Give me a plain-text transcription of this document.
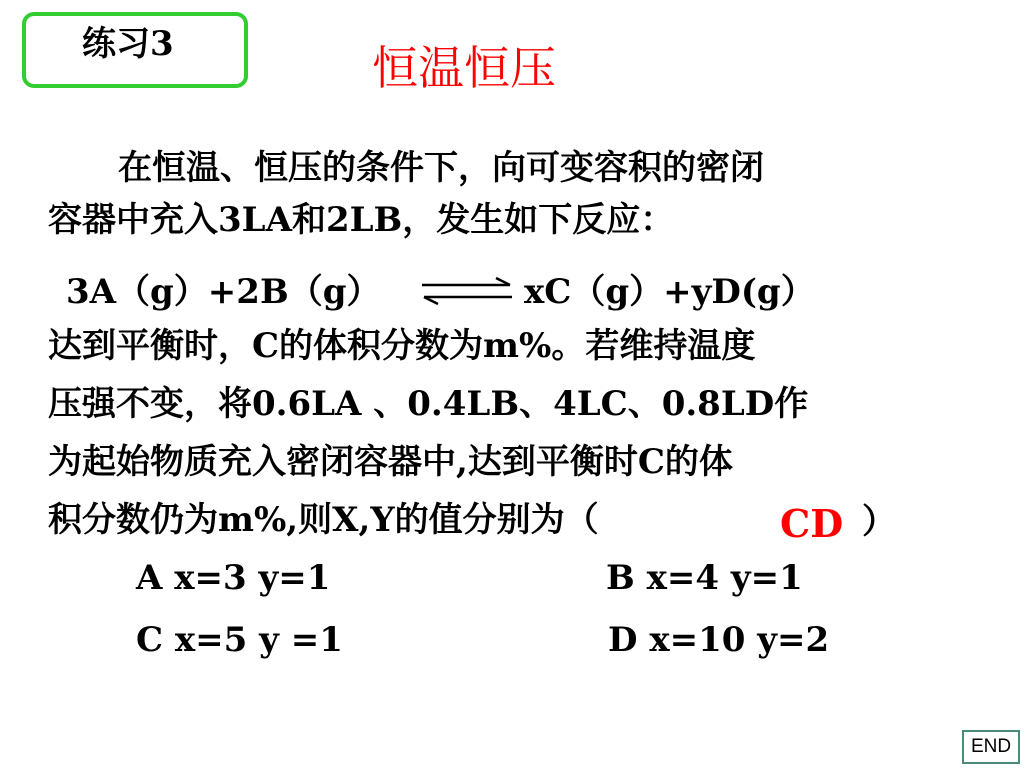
练习3	恒温恒压
在恒温、恒压的条件下，向可变容积的密闭
容器中充入3LA和2LB，发生如下反应：
3A（g）+2B（g）	xC（g）+yD(g）
达到平衡时，C的体积分数为m%。若维持温度
压强不变，将0.6LA 、0.4LB、4LC、0.8LD作
为起始物质充入密闭容器中,达到平衡时C的体
积分数仍为m%,则X,Y的值分别为（	CD ）
A x=3 y=1	B x=4 y=1
C x=5 y =1	D x=10 y=2
END
